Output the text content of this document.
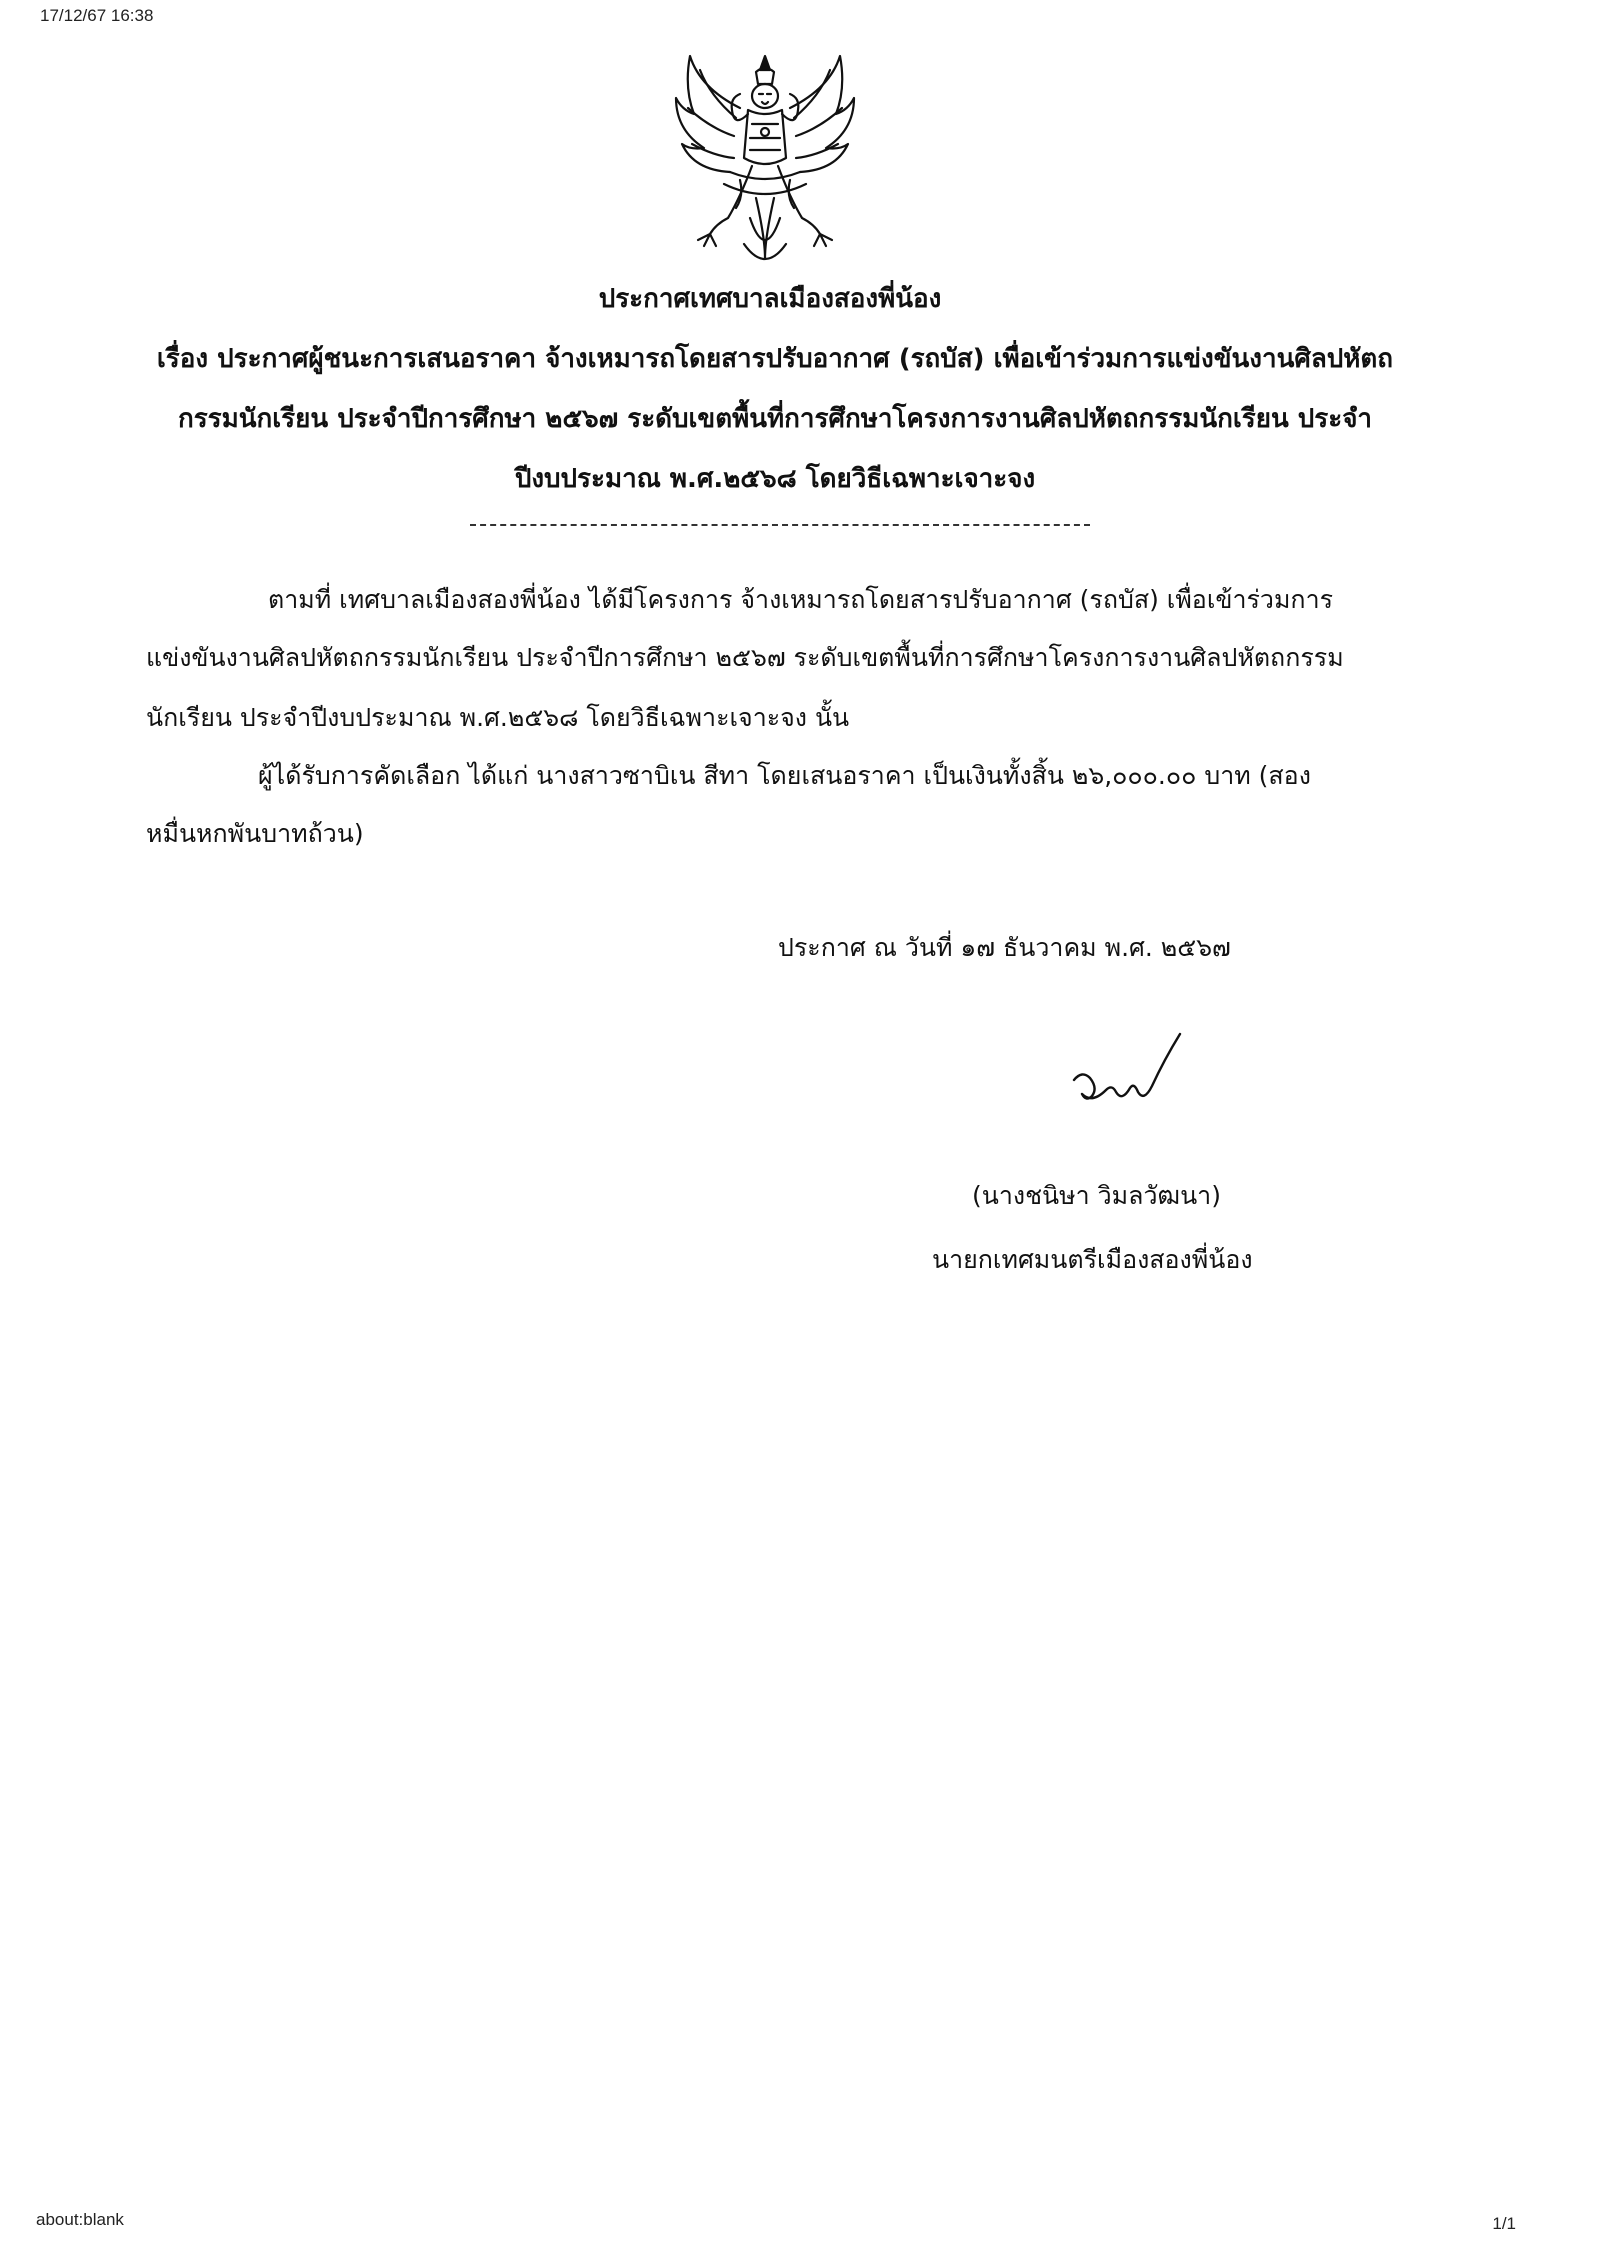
17/12/67 16:38
ประกาศเทศบาลเมืองสองพี่น้อง
เรื่อง ประกาศผู้ชนะการเสนอราคา จ้างเหมารถโดยสารปรับอากาศ (รถบัส) เพื่อเข้าร่วมการแข่งขันงานศิลปหัตถ
กรรมนักเรียน ประจำปีการศึกษา ๒๕๖๗ ระดับเขตพื้นที่การศึกษาโครงการงานศิลปหัตถกรรมนักเรียน ประจำ
ปีงบประมาณ พ.ศ.๒๕๖๘ โดยวิธีเฉพาะเจาะจง
ตามที่ เทศบาลเมืองสองพี่น้อง ได้มีโครงการ จ้างเหมารถโดยสารปรับอากาศ (รถบัส) เพื่อเข้าร่วมการ
แข่งขันงานศิลปหัตถกรรมนักเรียน ประจำปีการศึกษา ๒๕๖๗ ระดับเขตพื้นที่การศึกษาโครงการงานศิลปหัตถกรรม
นักเรียน ประจำปีงบประมาณ พ.ศ.๒๕๖๘ โดยวิธีเฉพาะเจาะจง นั้น
ผู้ได้รับการคัดเลือก ได้แก่ นางสาวซาบิเน สีทา โดยเสนอราคา เป็นเงินทั้งสิ้น ๒๖,๐๐๐.๐๐ บาท (สอง
หมื่นหกพันบาทถ้วน)
ประกาศ ณ วันที่ ๑๗ ธันวาคม พ.ศ. ๒๕๖๗
(นางชนิษา วิมลวัฒนา)
นายกเทศมนตรีเมืองสองพี่น้อง
about:blank	1/1
